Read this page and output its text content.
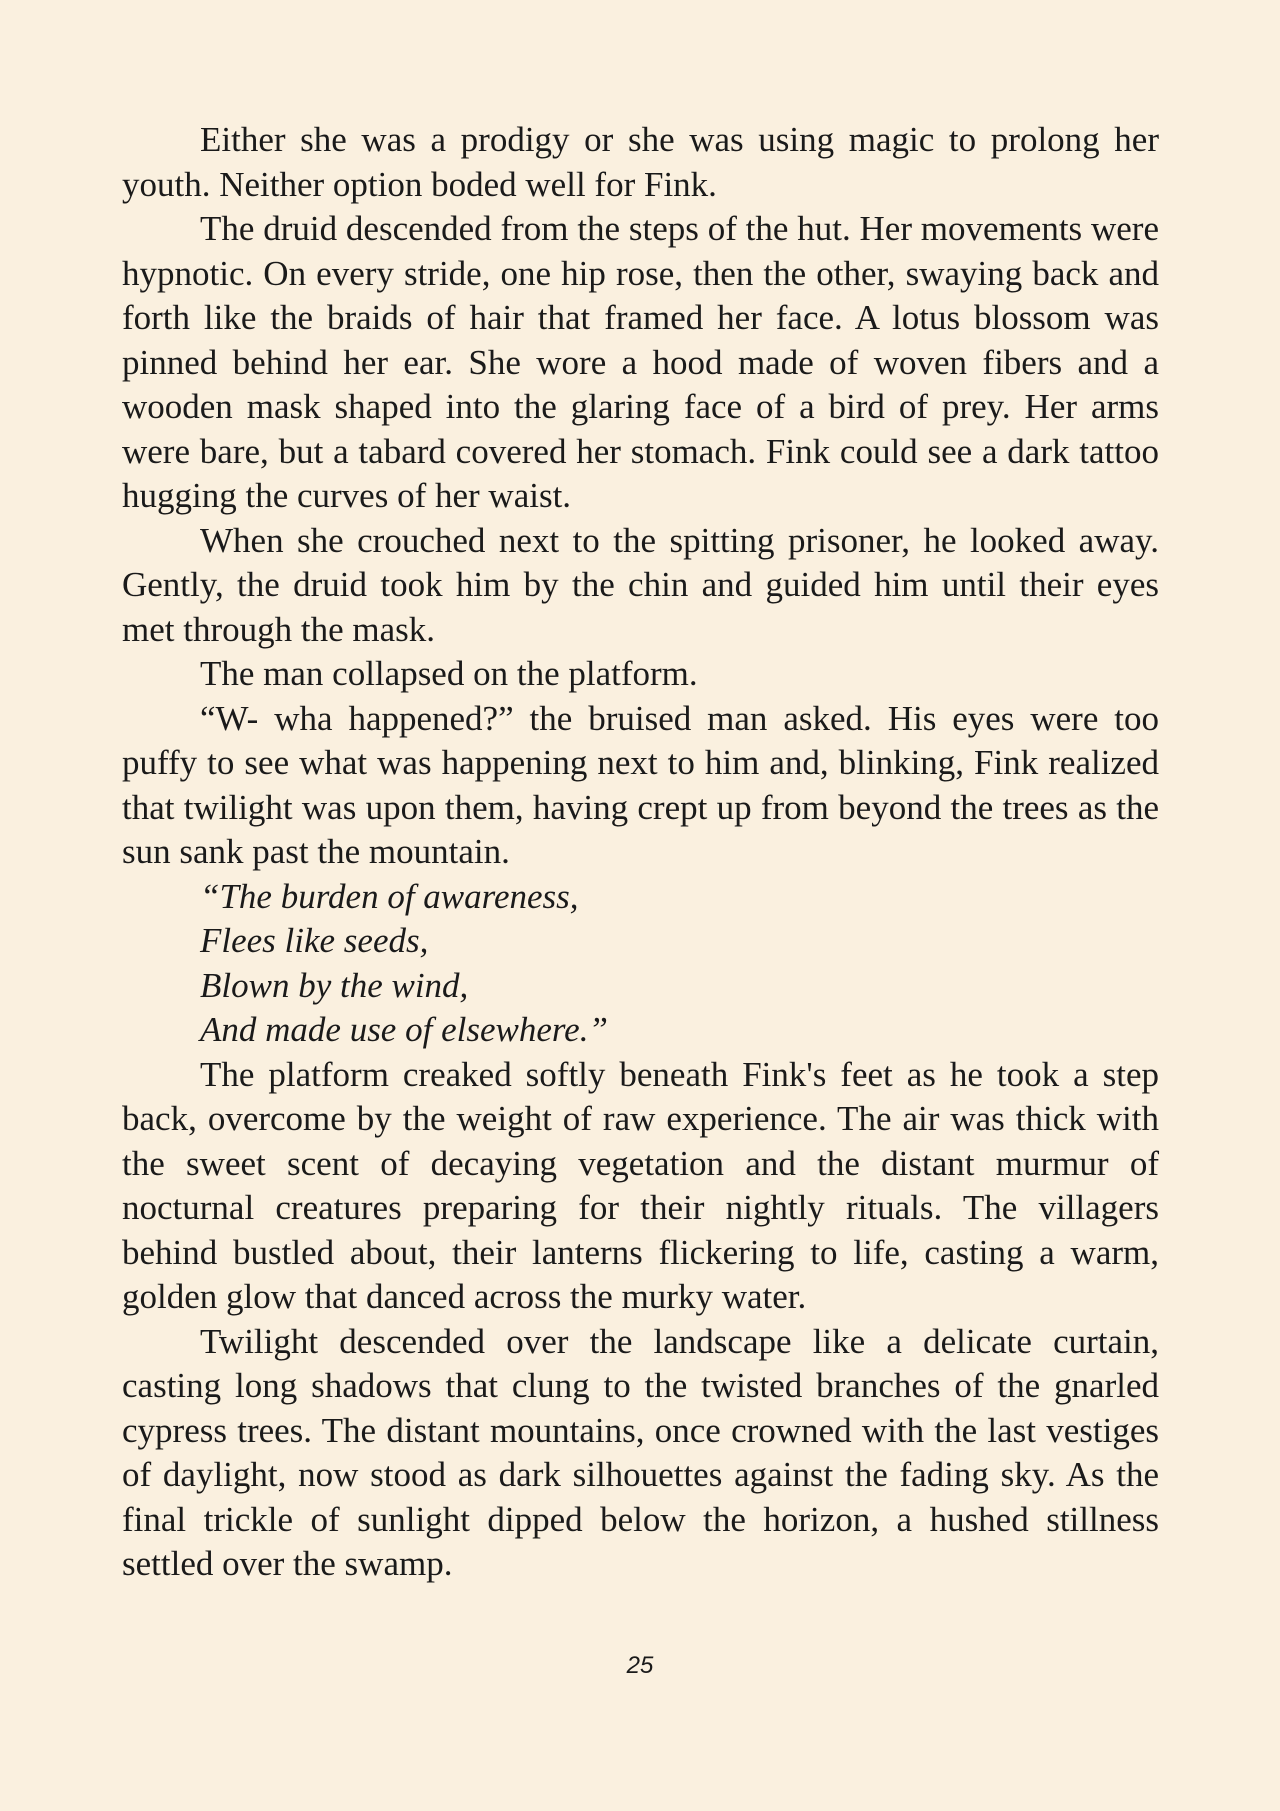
Either she was a prodigy or she was using magic to prolong her youth. Neither option boded well for Fink.

The druid descended from the steps of the hut. Her movements were hypnotic. On every stride, one hip rose, then the other, swaying back and forth like the braids of hair that framed her face. A lotus blossom was pinned behind her ear. She wore a hood made of woven fibers and a wooden mask shaped into the glaring face of a bird of prey. Her arms were bare, but a tabard covered her stomach. Fink could see a dark tattoo hugging the curves of her waist.

When she crouched next to the spitting prisoner, he looked away. Gently, the druid took him by the chin and guided him until their eyes met through the mask.

The man collapsed on the platform.

“W- wha happened?” the bruised man asked. His eyes were too puffy to see what was happening next to him and, blinking, Fink realized that twilight was upon them, having crept up from beyond the trees as the sun sank past the mountain.

“The burden of awareness,

Flees like seeds,

Blown by the wind,

And made use of elsewhere.”

The platform creaked softly beneath Fink's feet as he took a step back, overcome by the weight of raw experience. The air was thick with the sweet scent of decaying vegetation and the distant murmur of nocturnal creatures preparing for their nightly rituals. The villagers behind bustled about, their lanterns flickering to life, casting a warm, golden glow that danced across the murky water.

Twilight descended over the landscape like a delicate curtain, casting long shadows that clung to the twisted branches of the gnarled cypress trees. The distant mountains, once crowned with the last vestiges of daylight, now stood as dark silhouettes against the fading sky. As the final trickle of sunlight dipped below the horizon, a hushed stillness settled over the swamp.

25
